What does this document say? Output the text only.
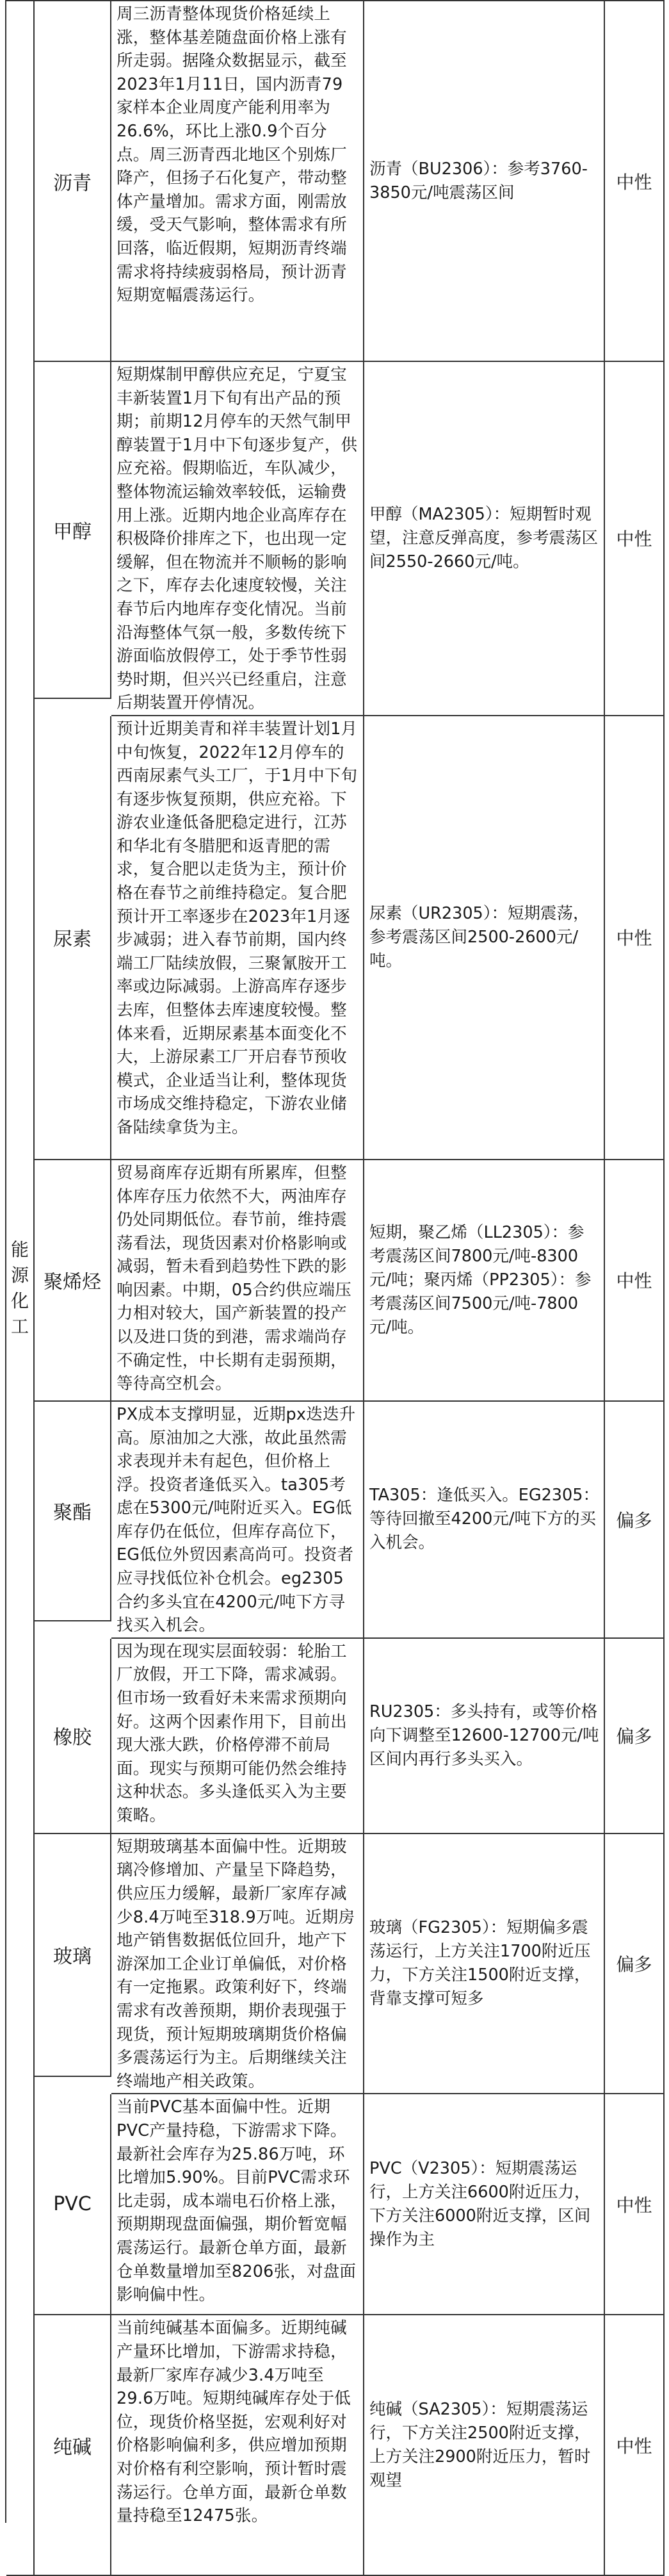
能源化工
沥青
周三沥青整体现货价格延续上涨，整体基差随盘面价格上涨有所走弱。据隆众数据显示，截至2023年1月11日，国内沥青79家样本企业周度产能利用率为26.6%，环比上涨0.9个百分点。周三沥青西北地区个别炼厂降产，但扬子石化复产，带动整体产量增加。需求方面，刚需放缓，受天气影响，整体需求有所回落，临近假期，短期沥青终端需求将持续疲弱格局，预计沥青短期宽幅震荡运行。
沥青（BU2306）：参考3760-3850元/吨震荡区间	中性
甲醇
短期煤制甲醇供应充足，宁夏宝丰新装置1月下旬有出产品的预期；前期12月停车的天然气制甲醇装置于1月中下旬逐步复产，供应充裕。假期临近，车队减少，整体物流运输效率较低，运输费用上涨。近期内地企业高库存在积极降价排库之下，也出现一定缓解，但在物流并不顺畅的影响之下，库存去化速度较慢，关注春节后内地库存变化情况。当前沿海整体气氛一般，多数传统下游面临放假停工，处于季节性弱势时期，但兴兴已经重启，注意后期装置开停情况。
甲醇（MA2305）：短期暂时观望，注意反弹高度，参考震荡区间2550-2660元/吨。
中性
尿素
预计近期美青和祥丰装置计划1月中旬恢复，2022年12月停车的西南尿素气头工厂，于1月中下旬有逐步恢复预期，供应充裕。下游农业逢低备肥稳定进行，江苏和华北有冬腊肥和返青肥的需求，复合肥以走货为主，预计价格在春节之前维持稳定。复合肥预计开工率逐步在2023年1月逐步减弱；进入春节前期，国内终端工厂陆续放假，三聚氰胺开工率或边际减弱。上游高库存逐步去库，但整体去库速度较慢。整体来看，近期尿素基本面变化不大，上游尿素工厂开启春节预收模式，企业适当让利，整体现货市场成交维持稳定，下游农业储备陆续拿货为主。
尿素（UR2305）：短期震荡，参考震荡区间2500-2600元/吨。
中性
聚烯烃
贸易商库存近期有所累库，但整体库存压力依然不大，两油库存仍处同期低位。春节前，维持震荡看法，现货因素对价格影响或减弱，暂未看到趋势性下跌的影响因素。中期，05合约供应端压力相对较大，国产新装置的投产以及进口货的到港，需求端尚存不确定性，中长期有走弱预期，等待高空机会。
短期，聚乙烯（LL2305）：参考震荡区间7800元/吨-8300元/吨；聚丙烯（PP2305）：参考震荡区间7500元/吨-7800元/吨。
中性
聚酯
PX成本支撑明显，近期px迭迭升高。原油加之大涨，故此虽然需求表现并未有起色，但价格上浮。投资者逢低买入。ta305考虑在5300元/吨附近买入。EG低库存仍在低位，但库存高位下，EG低位外贸因素高尚可。投资者应寻找低位补仓机会。eg2305合约多头宜在4200元/吨下方寻找买入机会。
TA305：逢低买入。EG2305：等待回撤至4200元/吨下方的买入机会。
偏多
橡胶
因为现在现实层面较弱：轮胎工厂放假，开工下降，需求减弱。但市场一致看好未来需求预期向好。这两个因素作用下，目前出现大涨大跌，价格停滞不前局面。现实与预期可能仍然会维持这种状态。多头逢低买入为主要策略。
RU2305：多头持有，或等价格向下调整至12600-12700元/吨区间内再行多头买入。
偏多
玻璃
短期玻璃基本面偏中性。近期玻璃冷修增加、产量呈下降趋势，供应压力缓解，最新厂家库存减少8.4万吨至318.9万吨。近期房地产销售数据低位回升，地产下游深加工企业订单偏低，对价格有一定拖累。政策利好下，终端需求有改善预期，期价表现强于现货，预计短期玻璃期货价格偏多震荡运行为主。后期继续关注终端地产相关政策。
玻璃（FG2305）：短期偏多震荡运行，上方关注1700附近压力，下方关注1500附近支撑，背靠支撑可短多
偏多
PVC
当前PVC基本面偏中性。近期PVC产量持稳，下游需求下降。最新社会库存为25.86万吨，环比增加5.90%。目前PVC需求环比走弱，成本端电石价格上涨，预期期现盘面偏强，期价暂宽幅震荡运行。最新仓单方面，最新仓单数量增加至8206张，对盘面影响偏中性。
PVC（V2305）：短期震荡运行，上方关注6600附近压力，下方关注6000附近支撑，区间操作为主
中性
纯碱
当前纯碱基本面偏多。近期纯碱产量环比增加，下游需求持稳，最新厂家库存减少3.4万吨至29.6万吨。短期纯碱库存处于低位，现货价格坚挺，宏观利好对价格影响偏利多，供应增加预期对价格有利空影响，预计暂时震荡运行。仓单方面，最新仓单数量持稳至12475张。
纯碱（SA2305）：短期震荡运行，下方关注2500附近支撑，上方关注2900附近压力，暂时观望
中性
